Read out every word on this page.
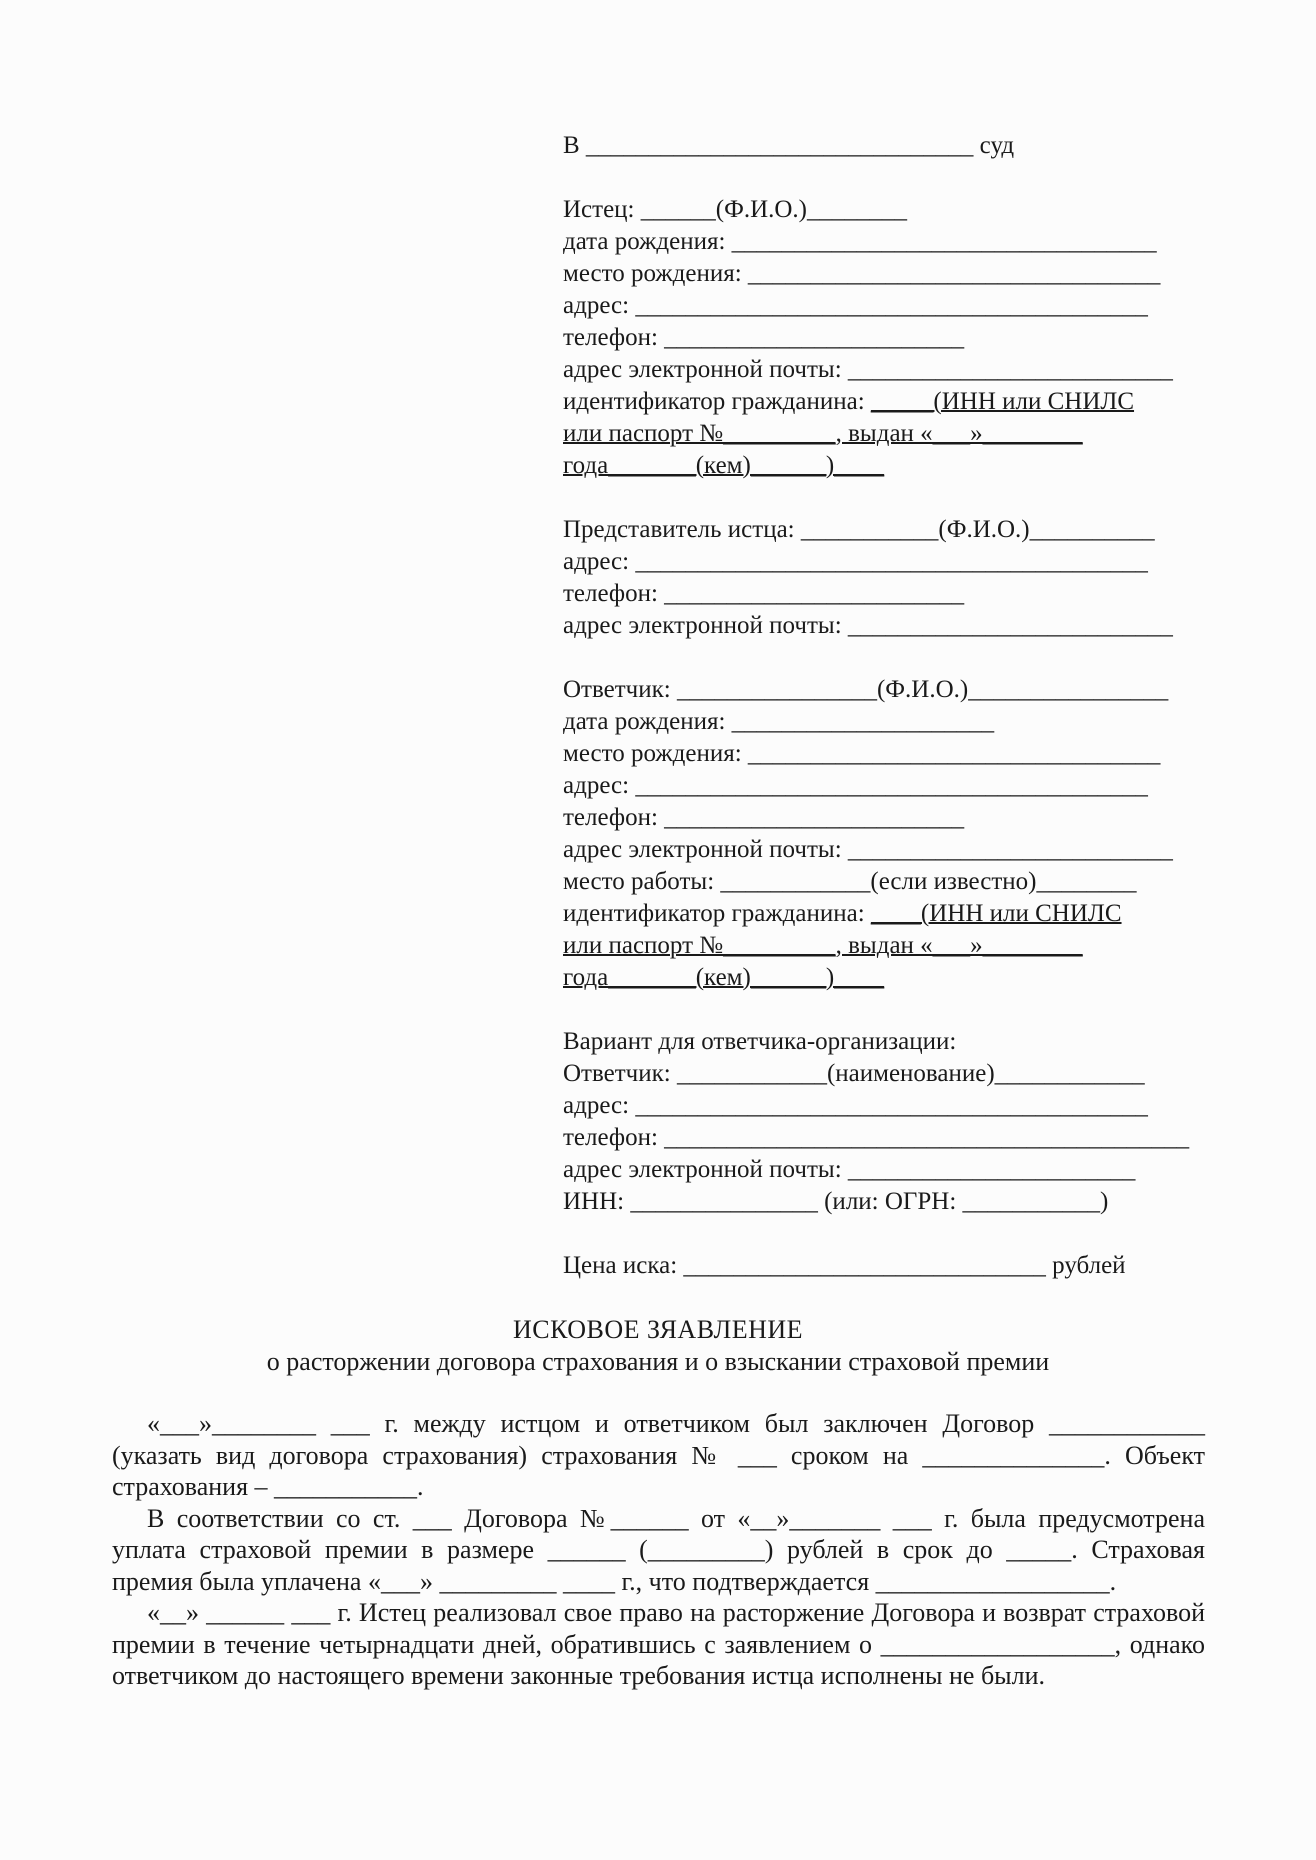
В _______________________________ суд
Истец: ______(Ф.И.О.)________
дата рождения: __________________________________
место рождения: _________________________________
адрес: _________________________________________
телефон: ________________________
адрес электронной почты: __________________________
идентификатор гражданина: _____(ИНН или СНИЛС
или паспорт №_________, выдан «___»________
года_______(кем)______)____
Представитель истца: ___________(Ф.И.О.)__________
адрес: _________________________________________
телефон: ________________________
адрес электронной почты: __________________________
Ответчик: ________________(Ф.И.О.)________________
дата рождения: _____________________
место рождения: _________________________________
адрес: _________________________________________
телефон: ________________________
адрес электронной почты: __________________________
место работы: ____________(если известно)________
идентификатор гражданина: ____(ИНН или СНИЛС
или паспорт №_________, выдан «___»________
года_______(кем)______)____
Вариант для ответчика-организации:
Ответчик: ____________(наименование)____________
адрес: _________________________________________
телефон: __________________________________________
адрес электронной почты: _______________________
ИНН: _______________ (или: ОГРН: ___________)
Цена иска: _____________________________ рублей
ИСКОВОЕ ЗЯАВЛЕНИЕ
о расторжении договора страхования и о взыскании страховой премии

«___»________ ___ г. между истцом и ответчиком был заключен Договор ____________ (указать вид договора страхования) страхования № ___ сроком на ______________. Объект страхования – ___________.

В соответствии со ст. ___ Договора №______ от «__»_______ ___ г. была предусмотрена уплата страховой премии в размере ______ (_________) рублей в срок до _____. Страховая премия была уплачена «___» _________ ____ г., что подтверждается __________________.

«__» ______ ___ г. Истец реализовал свое право на расторжение Договора и возврат страховой премии в течение четырнадцати дней, обратившись с заявлением о __________________, однако ответчиком до настоящего времени законные требования истца исполнены не были.
